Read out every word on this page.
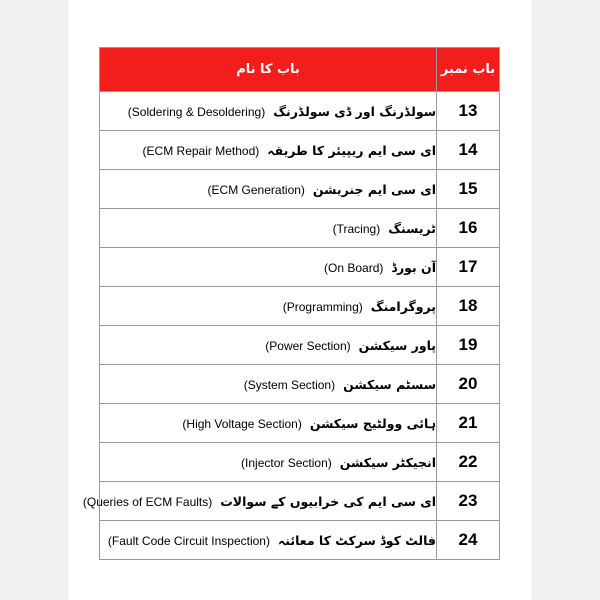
باب کا نام	باب نمبر
سولڈرنگ اور ڈی سولڈرنگ(Soldering & Desoldering)	13
ای سی ایم ریپیئر کا طریقہ(ECM Repair Method)	14
ای سی ایم جنریشن(ECM Generation)	15
ٹریسنگ(Tracing)	16
آن بورڈ(On Board)	17
پروگرامنگ(Programming)	18
پاور سیکشن(Power Section)	19
سسٹم سیکشن(System Section)	20
ہائی وولٹیج سیکشن(High Voltage Section)	21
انجیکٹر سیکشن(Injector Section)	22
ای سی ایم کی خرابیوں کے سوالات(Queries of ECM Faults)	23
فالٹ کوڈ سرکٹ کا معائنہ(Fault Code Circuit Inspection)	24
